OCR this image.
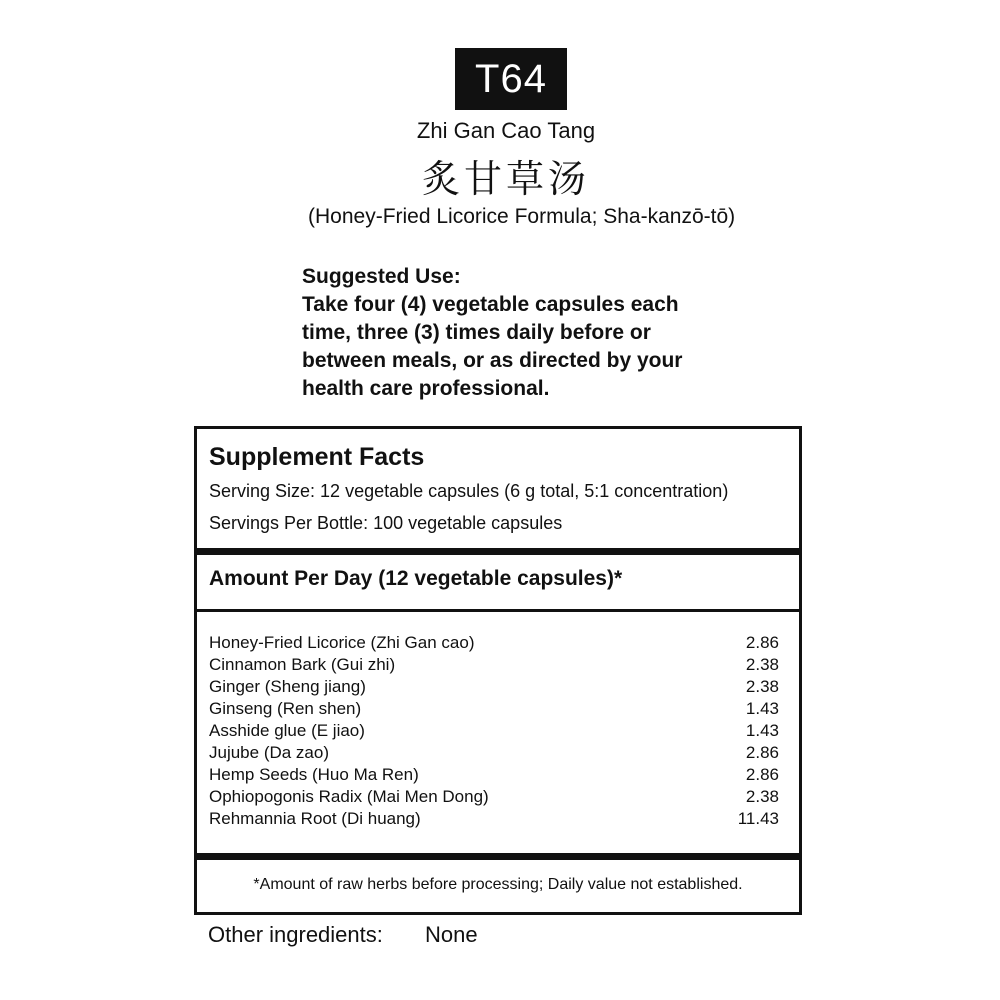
T64
Zhi Gan Cao Tang
炙甘草汤
(Honey-Fried Licorice Formula; Sha-kanzō-tō)
Suggested Use:
Take four (4) vegetable capsules each
time, three (3) times daily before or
between meals, or as directed by your
health care professional.
Supplement Facts
Serving Size: 12 vegetable capsules (6 g total, 5:1 concentration)
Servings Per Bottle: 100 vegetable capsules
Amount Per Day (12 vegetable capsules)*
Honey-Fried Licorice (Zhi Gan cao)	2.86
Cinnamon Bark (Gui zhi)	2.38
Ginger (Sheng jiang)	2.38
Ginseng (Ren shen)	1.43
Asshide glue (E jiao)	1.43
Jujube (Da zao)	2.86
Hemp Seeds (Huo Ma Ren)	2.86
Ophiopogonis Radix (Mai Men Dong)	2.38
Rehmannia Root (Di huang)	11.43
*Amount of raw herbs before processing; Daily value not established.
Other ingredients: None
